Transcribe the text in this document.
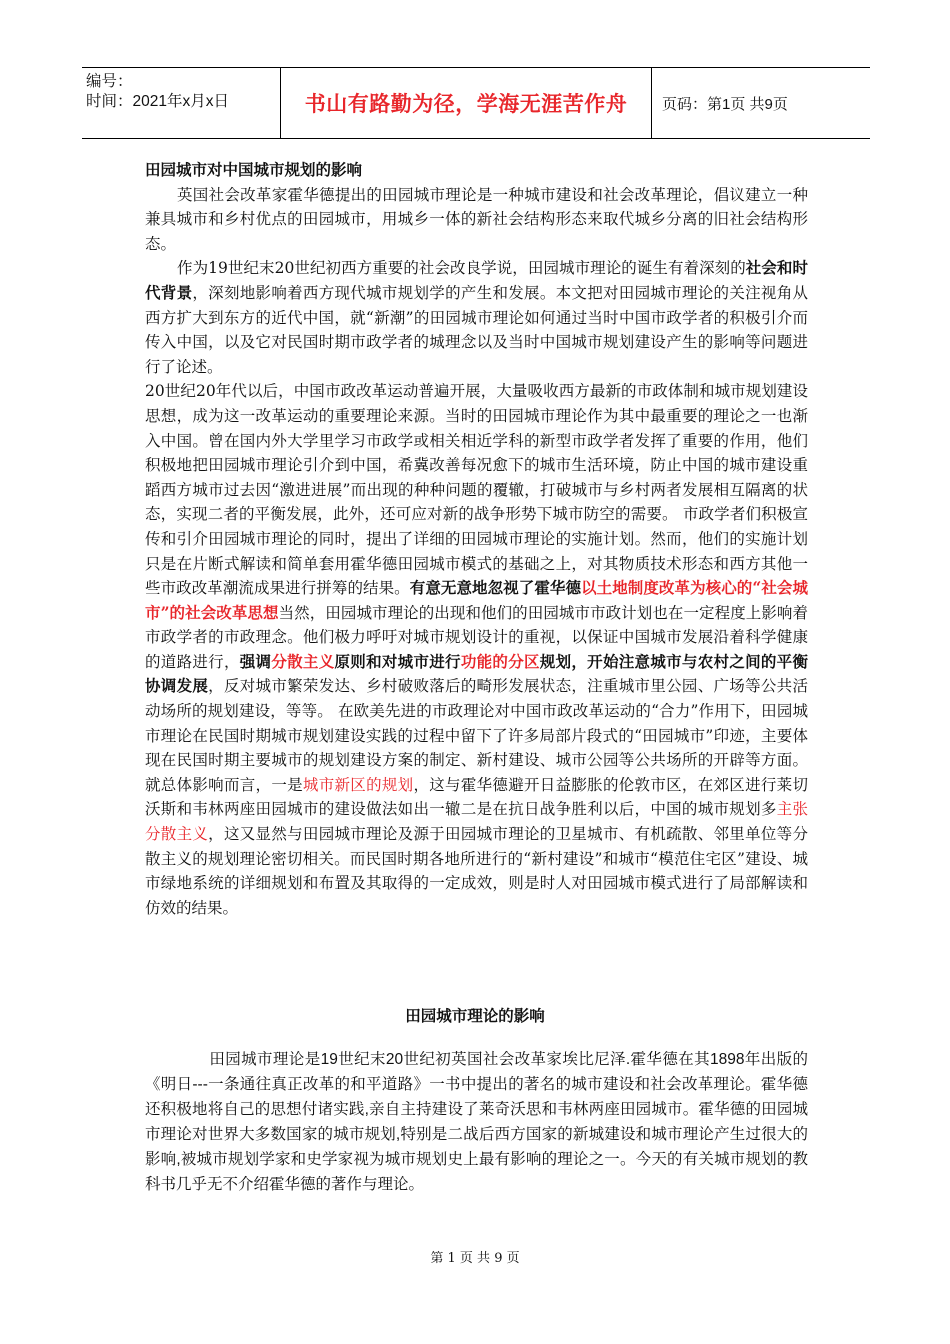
编号：
时间：2021年x月x日	书山有路勤为径，学海无涯苦作舟	页码：第1页 共9页

田园城市对中国城市规划的影响

英国社会改革家霍华德提出的田园城市理论是一种城市建设和社会改革理论，倡议建立一种兼具城市和乡村优点的田园城市，用城乡一体的新社会结构形态来取代城乡分离的旧社会结构形态。

作为19世纪末20世纪初西方重要的社会改良学说，田园城市理论的诞生有着深刻的社会和时代背景，深刻地影响着西方现代城市规划学的产生和发展。本文把对田园城市理论的关注视角从西方扩大到东方的近代中国，就“新潮”的田园城市理论如何通过当时中国市政学者的积极引介而传入中国，以及它对民国时期市政学者的城理念以及当时中国城市规划建设产生的影响等问题进行了论述。

20世纪20年代以后，中国市政改革运动普遍开展，大量吸收西方最新的市政体制和城市规划建设思想，成为这一改革运动的重要理论来源。当时的田园城市理论作为其中最重要的理论之一也渐入中国。曾在国内外大学里学习市政学或相关相近学科的新型市政学者发挥了重要的作用，他们积极地把田园城市理论引介到中国，希冀改善每况愈下的城市生活环境，防止中国的城市建设重蹈西方城市过去因“激进进展”而出现的种种问题的覆辙，打破城市与乡村两者发展相互隔离的状态，实现二者的平衡发展，此外，还可应对新的战争形势下城市防空的需要。 市政学者们积极宣传和引介田园城市理论的同时，提出了详细的田园城市理论的实施计划。然而，他们的实施计划只是在片断式解读和简单套用霍华德田园城市模式的基础之上，对其物质技术形态和西方其他一些市政改革潮流成果进行拼筹的结果。有意无意地忽视了霍华德以土地制度改革为核心的“社会城市”的社会改革思想当然，田园城市理论的出现和他们的田园城市市政计划也在一定程度上影响着市政学者的市政理念。他们极力呼吁对城市规划设计的重视，以保证中国城市发展沿着科学健康的道路进行，强调分散主义原则和对城市进行功能的分区规划，开始注意城市与农村之间的平衡协调发展，反对城市繁荣发达、乡村破败落后的畸形发展状态，注重城市里公园、广场等公共活动场所的规划建设，等等。 在欧美先进的市政理论对中国市政改革运动的“合力”作用下，田园城市理论在民国时期城市规划建设实践的过程中留下了许多局部片段式的“田园城市”印迹，主要体现在民国时期主要城市的规划建设方案的制定、新村建设、城市公园等公共场所的开辟等方面。就总体影响而言，一是城市新区的规划，这与霍华德避开日益膨胀的伦敦市区，在郊区进行莱切沃斯和韦林两座田园城市的建设做法如出一辙二是在抗日战争胜利以后，中国的城市规划多主张分散主义，这又显然与田园城市理论及源于田园城市理论的卫星城市、有机疏散、邻里单位等分散主义的规划理论密切相关。而民国时期各地所进行的“新村建设”和城市“模范住宅区”建设、城市绿地系统的详细规划和布置及其取得的一定成效，则是时人对田园城市模式进行了局部解读和仿效的结果。

田园城市理论的影响
田园城市理论是19世纪末20世纪初英国社会改革家埃比尼泽.霍华德在其1898年出版的《明日---一条通往真正改革的和平道路》一书中提出的著名的城市建设和社会改革理论。霍华德还积极地将自己的思想付诸实践,亲自主持建设了莱奇沃思和韦林两座田园城市。霍华德的田园城市理论对世界大多数国家的城市规划,特别是二战后西方国家的新城建设和城市理论产生过很大的影响,被城市规划学家和史学家视为城市规划史上最有影响的理论之一。今天的有关城市规划的教科书几乎无不介绍霍华德的著作与理论。
第 1 页 共 9 页
